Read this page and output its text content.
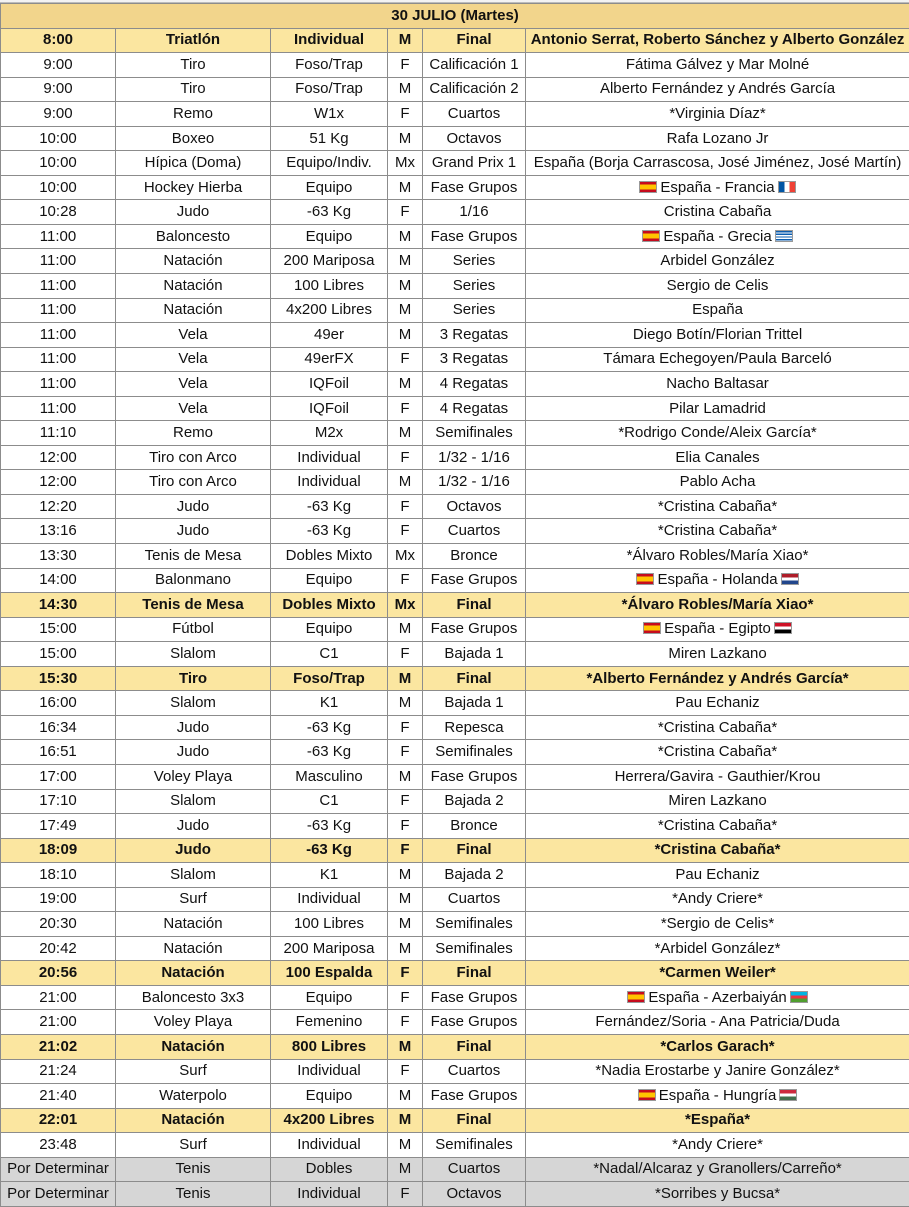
30 JULIO (Martes)					
8:00	Triatlón	Individual	M	Final	Antonio Serrat, Roberto Sánchez y Alberto González
9:00	Tiro	Foso/Trap	F	Calificación 1	Fátima Gálvez y Mar Molné
9:00	Tiro	Foso/Trap	M	Calificación 2	Alberto Fernández y Andrés García
9:00	Remo	W1x	F	Cuartos	*Virginia Díaz*
10:00	Boxeo	51 Kg	M	Octavos	Rafa Lozano Jr
10:00	Hípica (Doma)	Equipo/Indiv.	Mx	Grand Prix 1	España (Borja Carrascosa, José Jiménez, José Martín)
10:00	Hockey Hierba	Equipo	M	Fase Grupos	España - Francia
10:28	Judo	-63 Kg	F	1/16	Cristina Cabaña
11:00	Baloncesto	Equipo	M	Fase Grupos	España - Grecia
11:00	Natación	200 Mariposa	M	Series	Arbidel González
11:00	Natación	100 Libres	M	Series	Sergio de Celis
11:00	Natación	4x200 Libres	M	Series	España
11:00	Vela	49er	M	3 Regatas	Diego Botín/Florian Trittel
11:00	Vela	49erFX	F	3 Regatas	Támara Echegoyen/Paula Barceló
11:00	Vela	IQFoil	M	4 Regatas	Nacho Baltasar
11:00	Vela	IQFoil	F	4 Regatas	Pilar Lamadrid
11:10	Remo	M2x	M	Semifinales	*Rodrigo Conde/Aleix García*
12:00	Tiro con Arco	Individual	F	1/32 - 1/16	Elia Canales
12:00	Tiro con Arco	Individual	M	1/32 - 1/16	Pablo Acha
12:20	Judo	-63 Kg	F	Octavos	*Cristina Cabaña*
13:16	Judo	-63 Kg	F	Cuartos	*Cristina Cabaña*
13:30	Tenis de Mesa	Dobles Mixto	Mx	Bronce	*Álvaro Robles/María Xiao*
14:00	Balonmano	Equipo	F	Fase Grupos	España - Holanda
14:30	Tenis de Mesa	Dobles Mixto	Mx	Final	*Álvaro Robles/María Xiao*
15:00	Fútbol	Equipo	M	Fase Grupos	España - Egipto
15:00	Slalom	C1	F	Bajada 1	Miren Lazkano
15:30	Tiro	Foso/Trap	M	Final	*Alberto Fernández y Andrés García*
16:00	Slalom	K1	M	Bajada 1	Pau Echaniz
16:34	Judo	-63 Kg	F	Repesca	*Cristina Cabaña*
16:51	Judo	-63 Kg	F	Semifinales	*Cristina Cabaña*
17:00	Voley Playa	Masculino	M	Fase Grupos	Herrera/Gavira - Gauthier/Krou
17:10	Slalom	C1	F	Bajada 2	Miren Lazkano
17:49	Judo	-63 Kg	F	Bronce	*Cristina Cabaña*
18:09	Judo	-63 Kg	F	Final	*Cristina Cabaña*
18:10	Slalom	K1	M	Bajada 2	Pau Echaniz
19:00	Surf	Individual	M	Cuartos	*Andy Criere*
20:30	Natación	100 Libres	M	Semifinales	*Sergio de Celis*
20:42	Natación	200 Mariposa	M	Semifinales	*Arbidel González*
20:56	Natación	100 Espalda	F	Final	*Carmen Weiler*
21:00	Baloncesto 3x3	Equipo	F	Fase Grupos	España - Azerbaiyán
21:00	Voley Playa	Femenino	F	Fase Grupos	Fernández/Soria - Ana Patricia/Duda
21:02	Natación	800 Libres	M	Final	*Carlos Garach*
21:24	Surf	Individual	F	Cuartos	*Nadia Erostarbe y Janire González*
21:40	Waterpolo	Equipo	M	Fase Grupos	España - Hungría
22:01	Natación	4x200 Libres	M	Final	*España*
23:48	Surf	Individual	M	Semifinales	*Andy Criere*
Por Determinar	Tenis	Dobles	M	Cuartos	*Nadal/Alcaraz y Granollers/Carreño*
Por Determinar	Tenis	Individual	F	Octavos	*Sorribes y Bucsa*
